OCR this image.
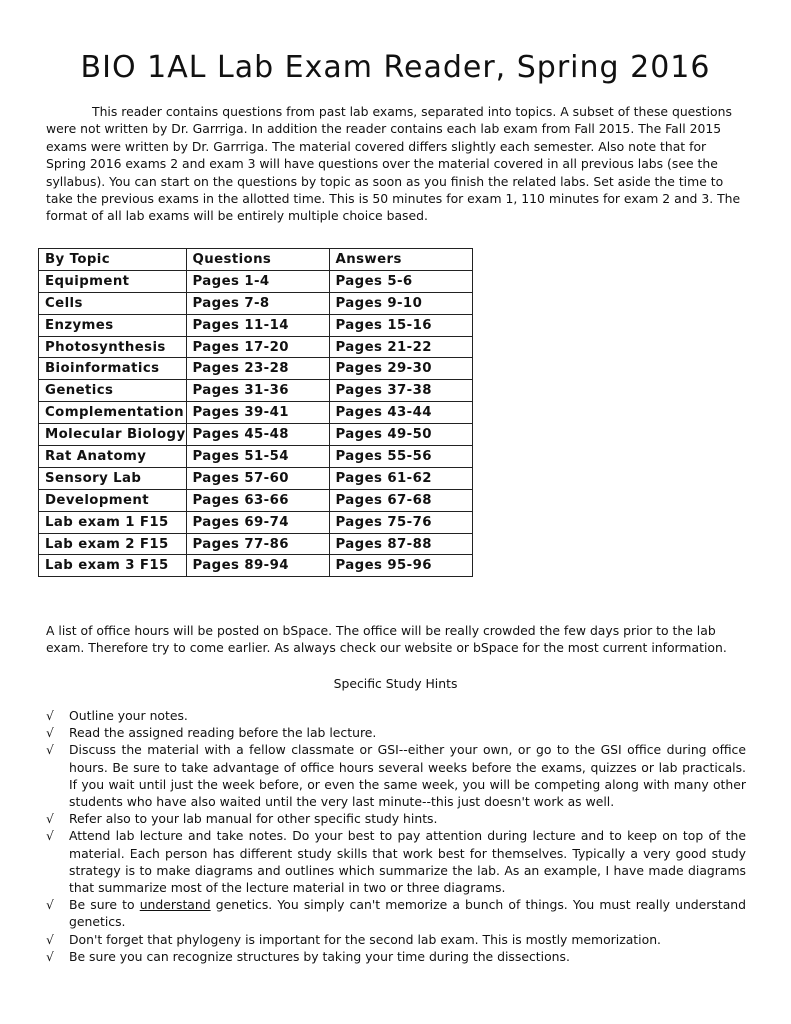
BIO 1AL Lab Exam Reader, Spring 2016

This reader contains questions from past lab exams, separated into topics. A subset of these questions were not written by Dr. Garrriga. In addition the reader contains each lab exam from Fall 2015. The Fall 2015 exams were written by Dr. Garrriga. The material covered differs slightly each semester. Also note that for Spring 2016 exams 2 and exam 3 will have questions over the material covered in all previous labs (see the syllabus). You can start on the questions by topic as soon as you finish the related labs. Set aside the time to take the previous exams in the allotted time. This is 50 minutes for exam 1, 110 minutes for exam 2 and 3. The format of all lab exams will be entirely multiple choice based.

By Topic	Questions	Answers
Equipment	Pages 1-4	Pages 5-6
Cells	Pages 7-8	Pages 9-10
Enzymes	Pages 11-14	Pages 15-16
Photosynthesis	Pages 17-20	Pages 21-22
Bioinformatics	Pages 23-28	Pages 29-30
Genetics	Pages 31-36	Pages 37-38
Complementation	Pages 39-41	Pages 43-44
Molecular Biology	Pages 45-48	Pages 49-50
Rat Anatomy	Pages 51-54	Pages 55-56
Sensory Lab	Pages 57-60	Pages 61-62
Development	Pages 63-66	Pages 67-68
Lab exam 1 F15	Pages 69-74	Pages 75-76
Lab exam 2 F15	Pages 77-86	Pages 87-88
Lab exam 3 F15	Pages 89-94	Pages 95-96

A list of office hours will be posted on bSpace. The office will be really crowded the few days prior to the lab exam. Therefore try to come earlier. As always check our website or bSpace for the most current information.

Specific Study Hints
√ Outline your notes.
√ Read the assigned reading before the lab lecture.
√ Discuss the material with a fellow classmate or GSI--either your own, or go to the GSI office during office hours. Be sure to take advantage of office hours several weeks before the exams, quizzes or lab practicals. If you wait until just the week before, or even the same week, you will be competing along with many other students who have also waited until the very last minute--this just doesn't work as well.
√ Refer also to your lab manual for other specific study hints.
√ Attend lab lecture and take notes. Do your best to pay attention during lecture and to keep on top of the material. Each person has different study skills that work best for themselves. Typically a very good study strategy is to make diagrams and outlines which summarize the lab. As an example, I have made diagrams that summarize most of the lecture material in two or three diagrams.
√ Be sure to understand genetics. You simply can't memorize a bunch of things. You must really understand genetics.
√ Don't forget that phylogeny is important for the second lab exam. This is mostly memorization.
√ Be sure you can recognize structures by taking your time during the dissections.
